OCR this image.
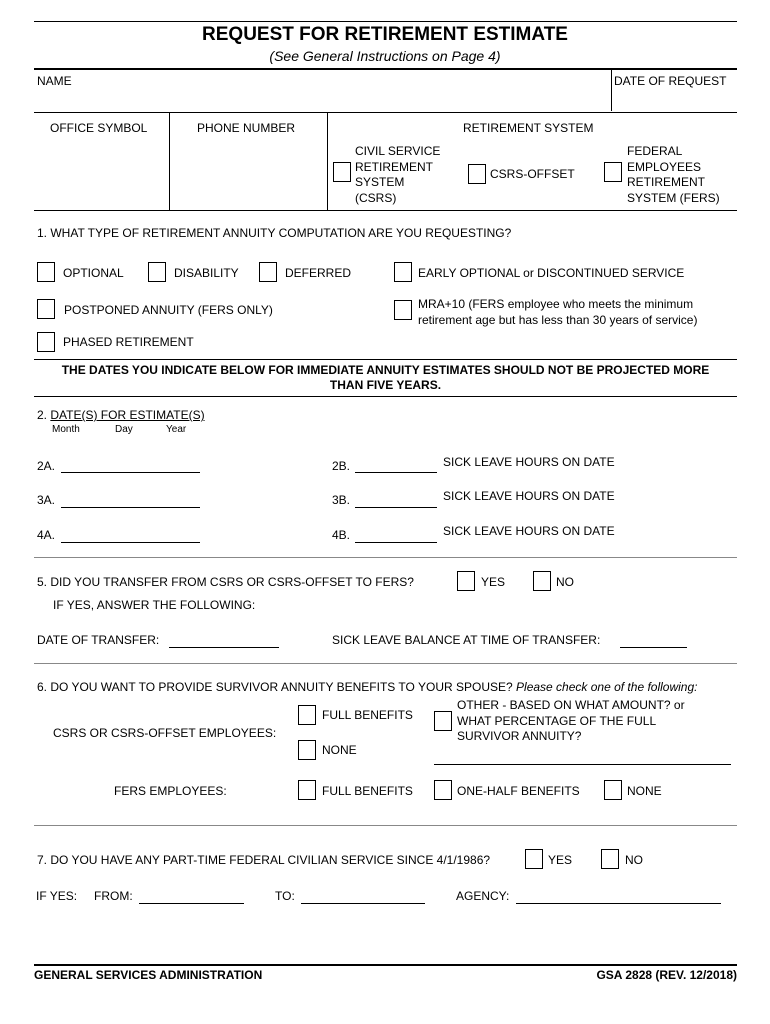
REQUEST FOR RETIREMENT ESTIMATE
(See General Instructions on Page 4)
NAME	DATE OF REQUEST
OFFICE SYMBOL	PHONE NUMBER	RETIREMENT SYSTEM
CIVIL SERVICE
RETIREMENT
SYSTEM
(CSRS)
CSRS-OFFSET
FEDERAL
EMPLOYEES
RETIREMENT
SYSTEM (FERS)
1. WHAT TYPE OF RETIREMENT ANNUITY COMPUTATION ARE YOU REQUESTING?
OPTIONAL	DISABILITY	DEFERRED	EARLY OPTIONAL or DISCONTINUED SERVICE
POSTPONED ANNUITY (FERS ONLY)	MRA+10 (FERS employee who meets the minimum
retirement age but has less than 30 years of service)
PHASED RETIREMENT
THE DATES YOU INDICATE BELOW FOR IMMEDIATE ANNUITY ESTIMATES SHOULD NOT BE PROJECTED MORE
THAN FIVE YEARS.
2. DATE(S) FOR ESTIMATE(S)
Month	Day	Year
2A.	2B.	SICK LEAVE HOURS ON DATE
3A.	3B.	SICK LEAVE HOURS ON DATE
4A.	4B.	SICK LEAVE HOURS ON DATE
5. DID YOU TRANSFER FROM CSRS OR CSRS-OFFSET TO FERS?	YES	NO
IF YES, ANSWER THE FOLLOWING:
DATE OF TRANSFER:	SICK LEAVE BALANCE AT TIME OF TRANSFER:
6. DO YOU WANT TO PROVIDE SURVIVOR ANNUITY BENEFITS TO YOUR SPOUSE? Please check one of the following:
CSRS OR CSRS-OFFSET EMPLOYEES:
FULL BENEFITS
NONE
OTHER - BASED ON WHAT AMOUNT? or
WHAT PERCENTAGE OF THE FULL
SURVIVOR ANNUITY?
FERS EMPLOYEES:	FULL BENEFITS	ONE-HALF BENEFITS	NONE
7. DO YOU HAVE ANY PART-TIME FEDERAL CIVILIAN SERVICE SINCE 4/1/1986?	YES	NO
IF YES: FROM:	TO:	AGENCY:
GENERAL SERVICES ADMINISTRATION	GSA 2828 (REV. 12/2018)
